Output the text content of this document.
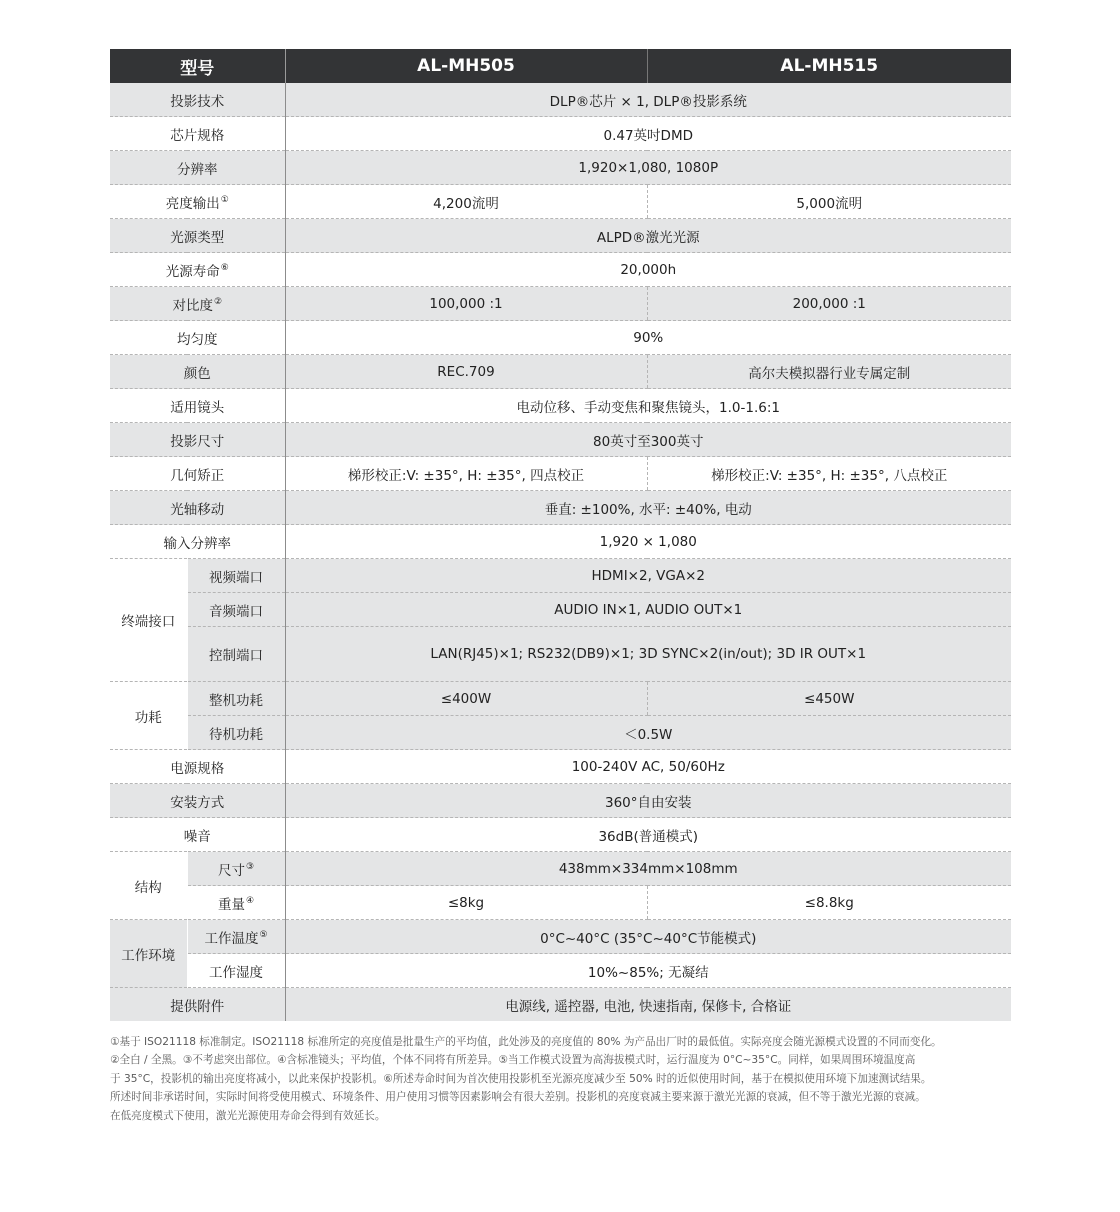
型号		AL-MH505	AL-MH515
投影技术		DLP®芯片 × 1, DLP®投影系统	
芯片规格		0.47英吋DMD	
分辨率		1,920×1,080, 1080P	
亮度输出①		4,200流明	5,000流明
光源类型		ALPD®激光光源	
光源寿命⑥		20,000h	
对比度②		100,000 :1	200,000 :1
均匀度		90%	
颜色		REC.709	高尔夫模拟器行业专属定制
适用镜头		电动位移、手动变焦和聚焦镜头，1.0-1.6:1	
投影尺寸		80英寸至300英寸	
几何矫正		梯形校正:V: ±35°, H: ±35°, 四点校正	梯形校正:V: ±35°, H: ±35°, 八点校正
光轴移动		垂直: ±100%, 水平: ±40%, 电动	
输入分辨率		1,920 × 1,080	
终端接口	视频端口	HDMI×2, VGA×2	
	音频端口	AUDIO IN×1, AUDIO OUT×1	
	控制端口	LAN(RJ45)×1; RS232(DB9)×1; 3D SYNC×2(in/out); 3D IR OUT×1	
功耗	整机功耗	≤400W	≤450W
	待机功耗	＜0.5W	
电源规格		100-240V AC, 50/60Hz	
安装方式		360°自由安装	
噪音		36dB(普通模式)	
结构	尺寸③	438mm×334mm×108mm	
	重量④	≤8kg	≤8.8kg
工作环境	工作温度⑤	0°C~40°C (35°C~40°C节能模式)	
	工作湿度	10%~85%; 无凝结	
提供附件		电源线, 遥控器, 电池, 快速指南, 保修卡, 合格证	

①基于 ISO21118 标准制定。ISO21118 标准所定的亮度值是批量生产的平均值，此处涉及的亮度值的 80% 为产品出厂时的最低值。实际亮度会随光源模式设置的不同而变化。

②全白 / 全黑。③不考虑突出部位。④含标准镜头；平均值，个体不同将有所差异。⑤当工作模式设置为高海拔模式时，运行温度为 0°C~35°C。同样，如果周围环境温度高

于 35°C，投影机的输出亮度将减小，以此来保护投影机。⑥所述寿命时间为首次使用投影机至光源亮度减少至 50% 时的近似使用时间，基于在模拟使用环境下加速测试结果。

所述时间非承诺时间，实际时间将受使用模式、环境条件、用户使用习惯等因素影响会有很大差别。投影机的亮度衰减主要来源于激光光源的衰减，但不等于激光光源的衰减。

在低亮度模式下使用，激光光源使用寿命会得到有效延长。
